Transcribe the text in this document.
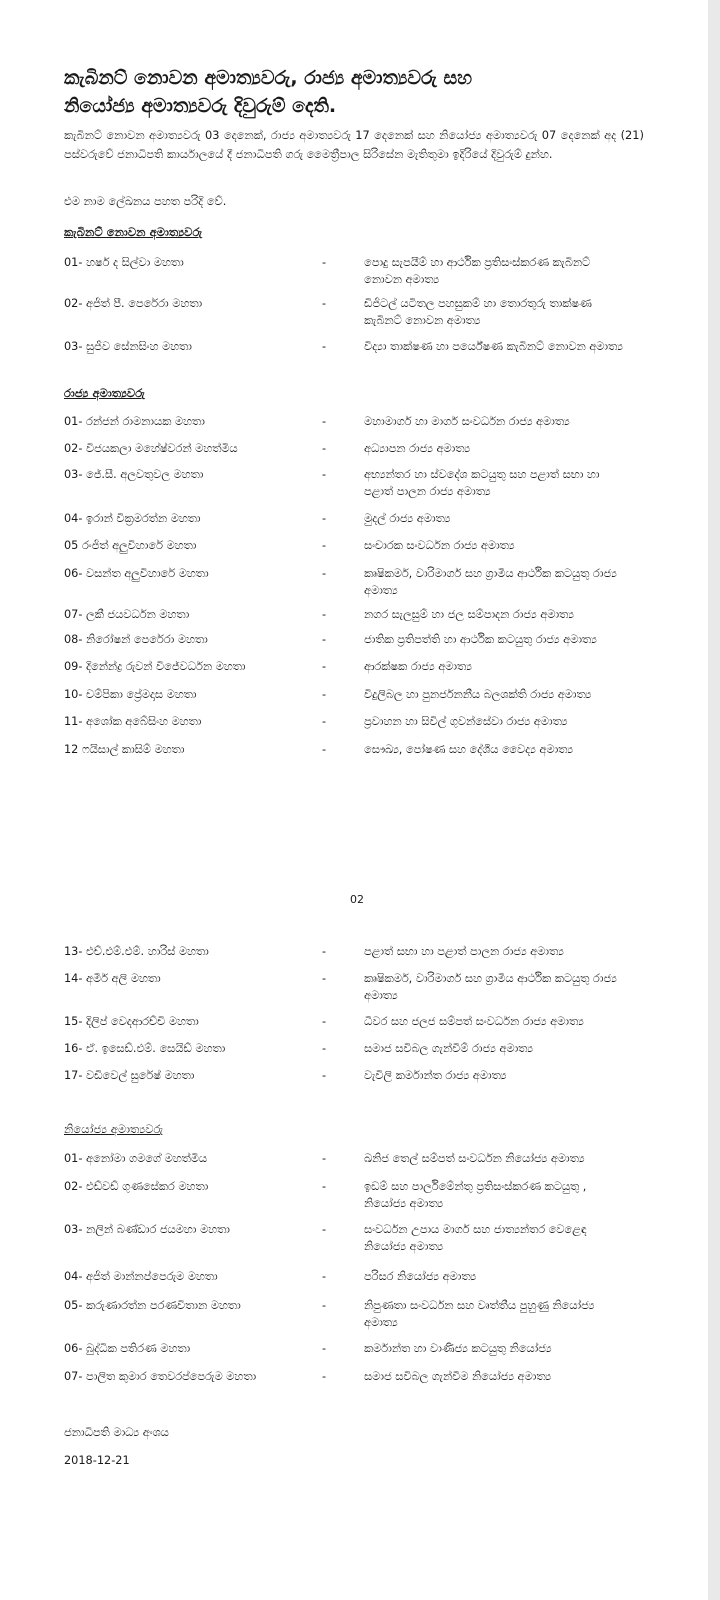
කැබිනට් නොවන අමාත්‍යවරු, රාජ්‍ය අමාත්‍යවරු සහ
නියෝජ්‍ය අමාත්‍යවරු දිවුරුම් දෙති.

කැබිනට් නොවන අමාත්‍යවරු 03 දෙනෙක්, රාජ්‍ය අමාත්‍යවරු 17 දෙනෙක් සහ නියෝජ්‍ය අමාත්‍යවරු 07 දෙනෙක් අද (21) පස්වරුවේ ජනාධිපති කාර්යාලයේ දී ජනාධිපති ගරු මෛත්‍රීපාල සිරිසේන මැතිතුමා ඉදිරියේ දිවුරුම් දුන්හ.

එම නාම ලේඛනය පහත පරිදි වේ.

කැබිනට් නොවන අමාත්‍යවරු
රාජ්‍ය අමාත්‍යවරු
නියෝජ්‍ය අමාත්‍යවරු
01- හර්ෂ ද සිල්වා මහතා	-	පොදු සැපයීම් හා ආර්ථික ප්‍රතිසංස්කරණ කැබිනට් නොවන අමාත්‍ය
02- අජිත් පී. පෙරේරා මහතා	-	ඩිජිටල් යටිතල පහසුකම් හා තොරතුරු තාක්ෂණ කැබිනට් නොවන අමාත්‍ය
03- සුජීව සේනසිංහ මහතා	-	විද්‍යා තාක්ෂණ හා පර්යේෂණ කැබිනට් නොවන අමාත්‍ය
01- රන්ජන් රාමනායක මහතා	-	මහාමාර්ග හා මාර්ග සංවර්ධන රාජ්‍ය අමාත්‍ය
02- විජයකලා මහේෂ්වරන් මහත්මිය	-	අධ්‍යාපන රාජ්‍ය අමාත්‍ය
03- ජේ.සී. අලවතුවල මහතා	-	අභ්‍යන්තර හා ස්වදේශ කටයුතු සහ පළාත් සභා හා පළාත් පාලන රාජ්‍ය අමාත්‍ය
04- ඉරාන් වික්‍රමරත්න මහතා	-	මුදල් රාජ්‍ය අමාත්‍ය
05 රංජිත් අලුවිහාරේ මහතා	-	සංචාරක සංවර්ධන රාජ්‍ය අමාත්‍ය
06- වසන්ත අලුවිහාරේ මහතා	-	කෘෂිකර්ම, වාරිමාර්ග සහ ග්‍රාමීය ආර්ථික කටයුතු රාජ්‍ය අමාත්‍ය
07- ලකී ජයවර්ධන මහතා	-	නගර සැලසුම් හා ජල සම්පාදන රාජ්‍ය අමාත්‍ය
08- නිරෝෂන් පෙරේරා මහතා	-	ජාතික ප්‍රතිපත්ති හා ආර්ථික කටයුතු රාජ්‍ය අමාත්‍ය
09- දිනේන්ද්‍ර රුවන් විජේවර්ධන මහතා	-	ආරක්ෂක රාජ්‍ය අමාත්‍ය
10- චම්පිකා ප්‍රේමදාස මහතා	-	විදුලිබල හා පුනර්ජනනීය බලශක්ති රාජ්‍ය අමාත්‍ය
11- අශෝක අබේසිංහ මහතා	-	ප්‍රවාහන හා සිවිල් ගුවන්සේවා රාජ්‍ය අමාත්‍ය
12 ෆයිසාල් කාසිම් මහතා	-	සෞඛ්‍ය, පෝෂණ සහ දේශීය වෛද්‍ය අමාත්‍ය
13- එච්.එම්.එම්. හාරිස් මහතා	-	පළාත් සභා හා පළාත් පාලන රාජ්‍ය අමාත්‍ය
14- අමීර් අලි මහතා	-	කෘෂිකර්ම, වාරිමාර්ග සහ ග්‍රාමීය ආර්ථික කටයුතු රාජ්‍ය අමාත්‍ය
15- දිලිප් වෙදආරච්චි මහතා	-	ධීවර සහ ජලජ සම්පත් සංවර්ධන රාජ්‍ය අමාත්‍ය
16- ඒ. ඉසෙඩ්.එම්. සෙයිඩ් මහතා	-	සමාජ සවිබල ගැන්වීම් රාජ්‍ය අමාත්‍ය
17- වඩිවෙල් සුරේෂ් මහතා	-	වැවිලි කර්මාන්ත රාජ්‍ය අමාත්‍ය
01- අනෝමා ගමගේ මහත්මිය	-	ඛනිජ තෙල් සම්පත් සංවර්ධන නියෝජ්‍ය අමාත්‍ය
02- එඩ්වඩ් ගුණසේකර මහතා	-	ඉඩම් සහ පාර්ලිමේන්තු ප්‍රතිසංස්කරණ කටයුතු , නියෝජ්‍ය අමාත්‍ය
03- නලින් බණ්ඩාර ජයමහා මහතා	-	සංවර්ධන උපාය මාර්ග සහ ජාත්‍යන්තර වෙළෙඳ නියෝජ්‍ය අමාත්‍ය
04- අජිත් මාන්නප්පෙරුම මහතා	-	පරිසර නියෝජ්‍ය අමාත්‍ය
05- කරුණාරත්න පරණවිතාන මහතා	-	නිපුණතා සංවර්ධන සහ වෘත්තීය පුහුණු නියෝජ්‍ය අමාත්‍ය
06- බුද්ධික පතිරණ මහතා	-	කර්මාන්ත හා වාණිජ්‍ය කටයුතු නියෝජ්‍ය
07- පාලිත කුමාර තෙවරප්පෙරුම මහතා	-	සමාජ සවිබල ගැන්වීම නියෝජ්‍ය අමාත්‍ය
02
ජනාධිපති මාධ්‍ය අංශය
2018-12-21
